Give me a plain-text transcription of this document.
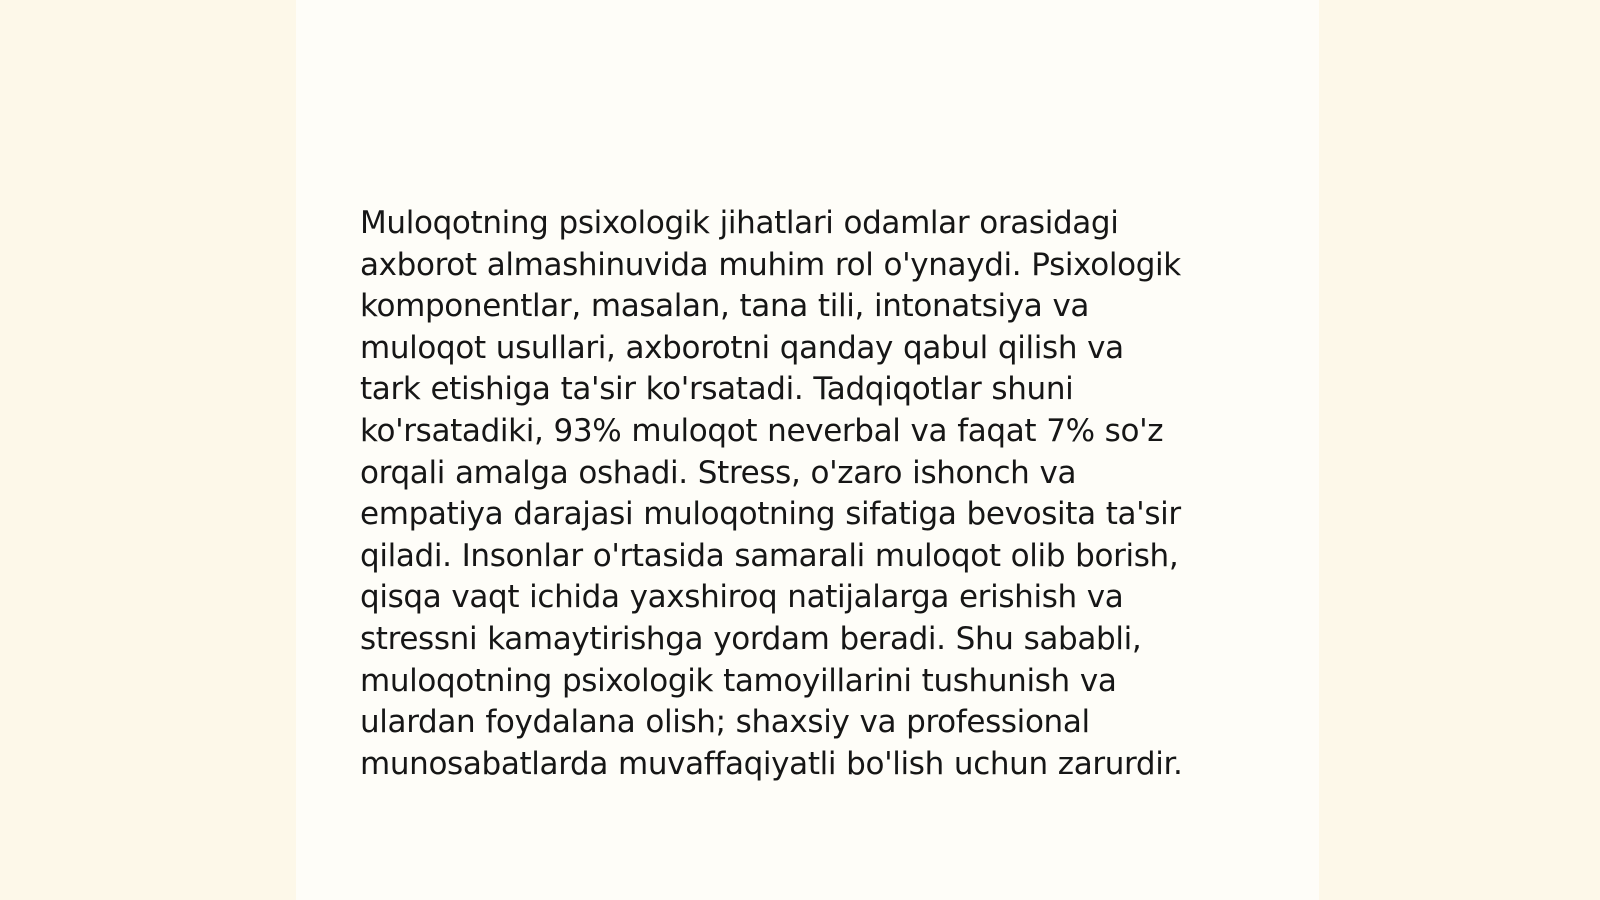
Muloqotning psixologik jihatlari odamlar orasidagi
axborot almashinuvida muhim rol o'ynaydi. Psixologik
komponentlar, masalan, tana tili, intonatsiya va
muloqot usullari, axborotni qanday qabul qilish va
tark etishiga ta'sir ko'rsatadi. Tadqiqotlar shuni
ko'rsatadiki, 93% muloqot neverbal va faqat 7% so'z
orqali amalga oshadi. Stress, o'zaro ishonch va
empatiya darajasi muloqotning sifatiga bevosita ta'sir
qiladi. Insonlar o'rtasida samarali muloqot olib borish,
qisqa vaqt ichida yaxshiroq natijalarga erishish va
stressni kamaytirishga yordam beradi. Shu sababli,
muloqotning psixologik tamoyillarini tushunish va
ulardan foydalana olish; shaxsiy va professional
munosabatlarda muvaffaqiyatli bo'lish uchun zarurdir.
